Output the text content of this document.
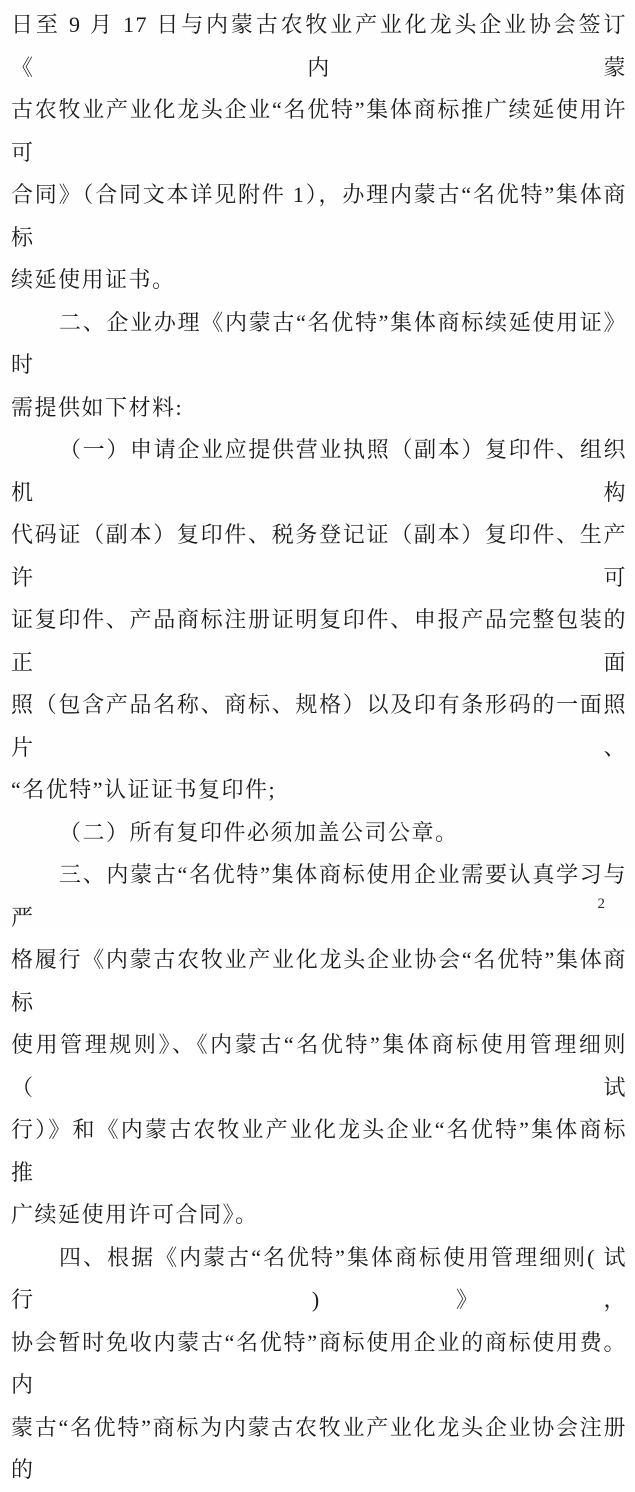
日至 9 月 17 日与内蒙古农牧业产业化龙头企业协会签订《内蒙
古农牧业产业化龙头企业“名优特”集体商标推广续延使用许可
合同》（合同文本详见附件 1），办理内蒙古“名优特”集体商标
续延使用证书。
二、企业办理《内蒙古“名优特”集体商标续延使用证》时
需提供如下材料:
（一）申请企业应提供营业执照（副本）复印件、组织机构
代码证（副本）复印件、税务登记证（副本）复印件、生产许可
证复印件、产品商标注册证明复印件、申报产品完整包装的正面
照（包含产品名称、商标、规格）以及印有条形码的一面照片、
“名优特”认证证书复印件;
（二）所有复印件必须加盖公司公章。
三、内蒙古“名优特”集体商标使用企业需要认真学习与严
格履行《内蒙古农牧业产业化龙头企业协会“名优特”集体商标
使用管理规则》、《内蒙古“名优特”集体商标使用管理细则（试
行）》和《内蒙古农牧业产业化龙头企业“名优特”集体商标推
广续延使用许可合同》。
四、根据《内蒙古“名优特”集体商标使用管理细则( 试行 )》，
协会暂时免收内蒙古“名优特”商标使用企业的商标使用费。内
蒙古“名优特”商标为内蒙古农牧业产业化龙头企业协会注册的
2
